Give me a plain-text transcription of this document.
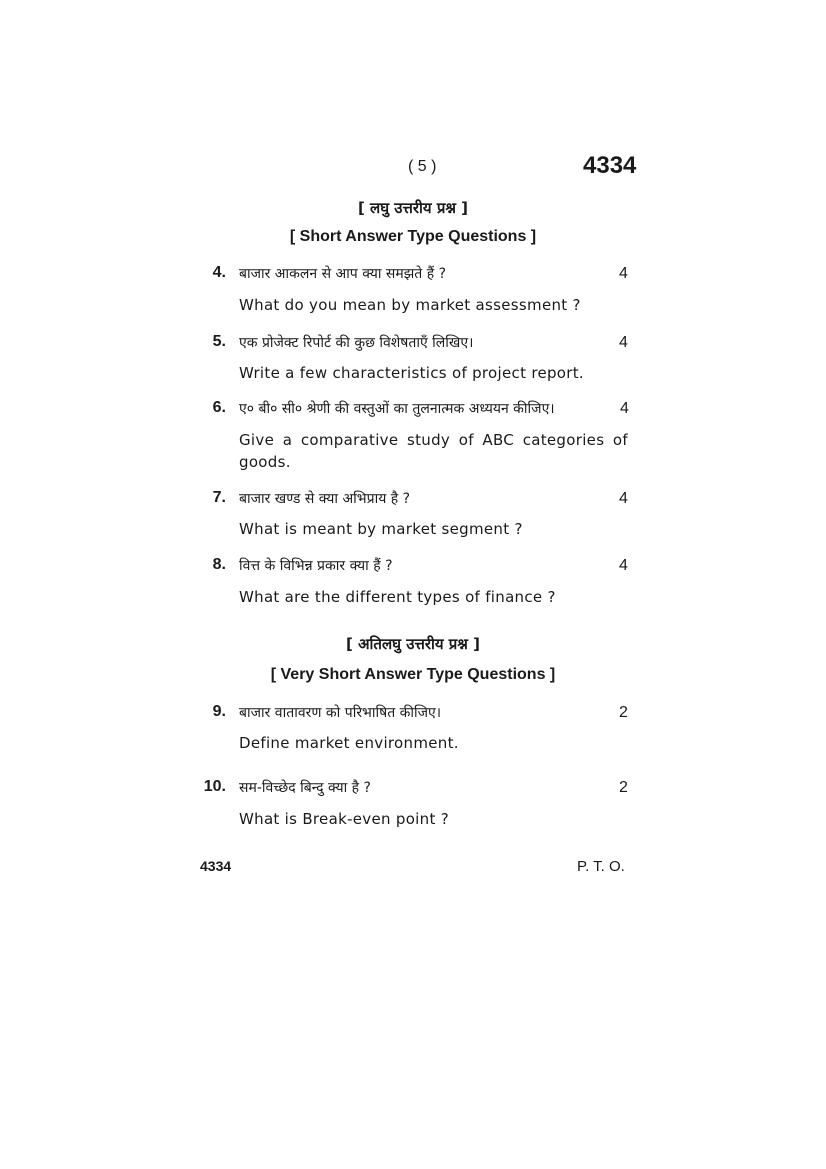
( 5 )	4334
[ लघु उत्तरीय प्रश्न ]
[ Short Answer Type Questions ]
4. बाजार आकलन से आप क्या समझते हैं ?	4
What do you mean by market assessment ?
5. एक प्रोजेक्ट रिपोर्ट की कुछ विशेषताएँ लिखिए।	4
Write a few characteristics of project report.
6. ए० बी० सी० श्रेणी की वस्तुओं का तुलनात्मक अध्ययन कीजिए।	4
Give a comparative study of ABC categories of goods.
7. बाजार खण्ड से क्या अभिप्राय है ?	4
What is meant by market segment ?
8. वित्त के विभिन्न प्रकार क्या हैं ?	4
What are the different types of finance ?
[ अतिलघु उत्तरीय प्रश्न ]
[ Very Short Answer Type Questions ]
9. बाजार वातावरण को परिभाषित कीजिए।	2
Define market environment.
10. सम-विच्छेद बिन्दु क्या है ?	2
What is Break-even point ?
4334	P. T. O.
